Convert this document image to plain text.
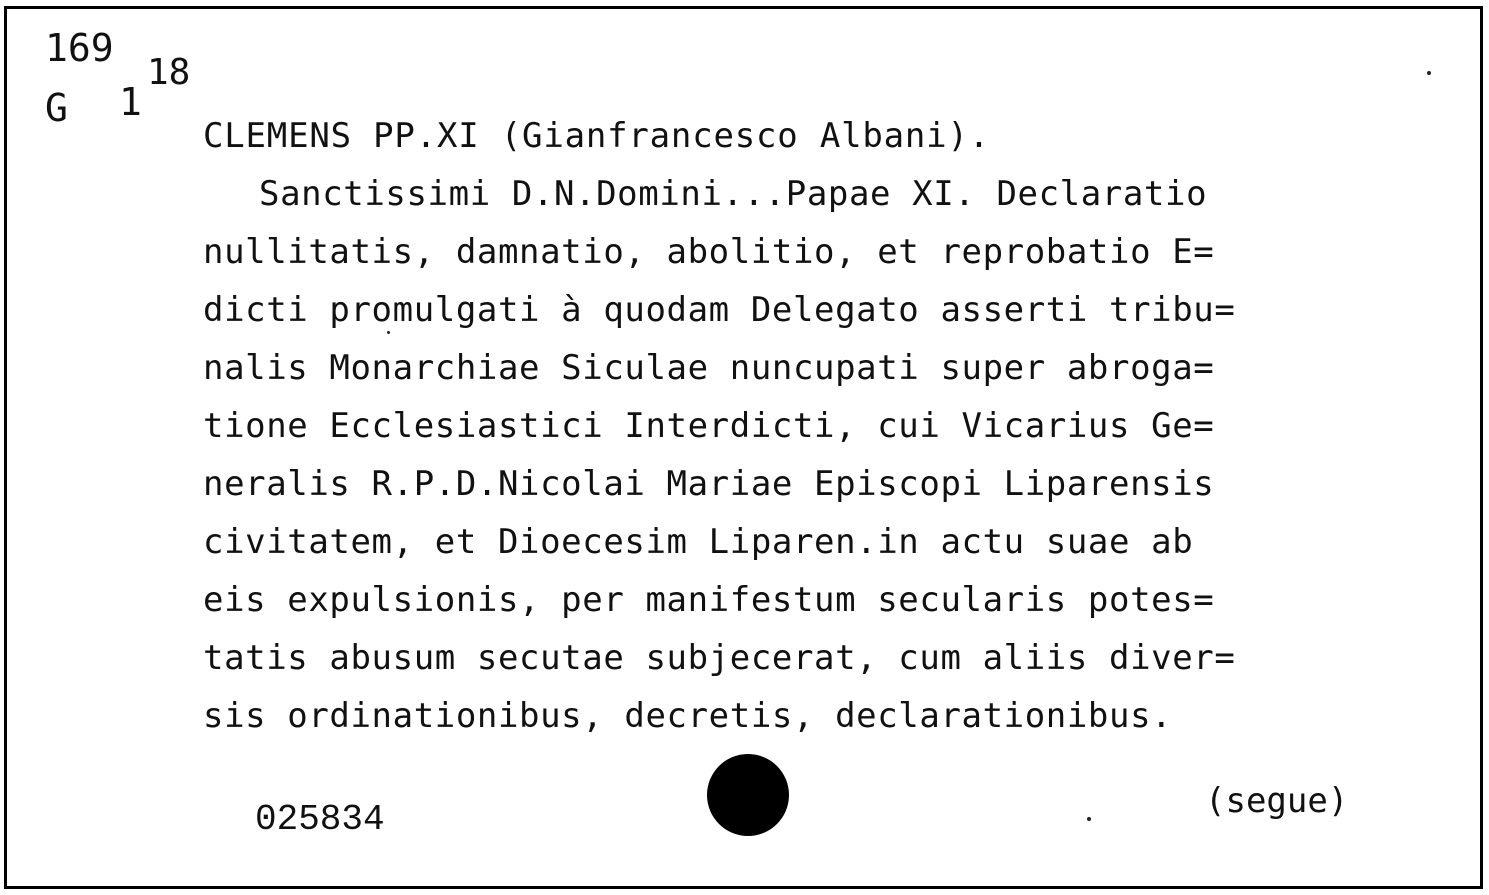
169
G 1
18
CLEMENS PP.XI (Gianfrancesco Albani).
Sanctissimi D.N.Domini...Papae XI. Declaratio
nullitatis, damnatio, abolitio, et reprobatio E=
dicti promulgati à quodam Delegato asserti tribu=
nalis Monarchiae Siculae nuncupati super abroga=
tione Ecclesiastici Interdicti, cui Vicarius Ge=
neralis R.P.D.Nicolai Mariae Episcopi Liparensis
civitatem, et Dioecesim Liparen.in actu suae ab
eis expulsionis, per manifestum secularis potes=
tatis abusum secutae subjecerat, cum aliis diver=
sis ordinationibus, decretis, declarationibus.
025834	(segue)
